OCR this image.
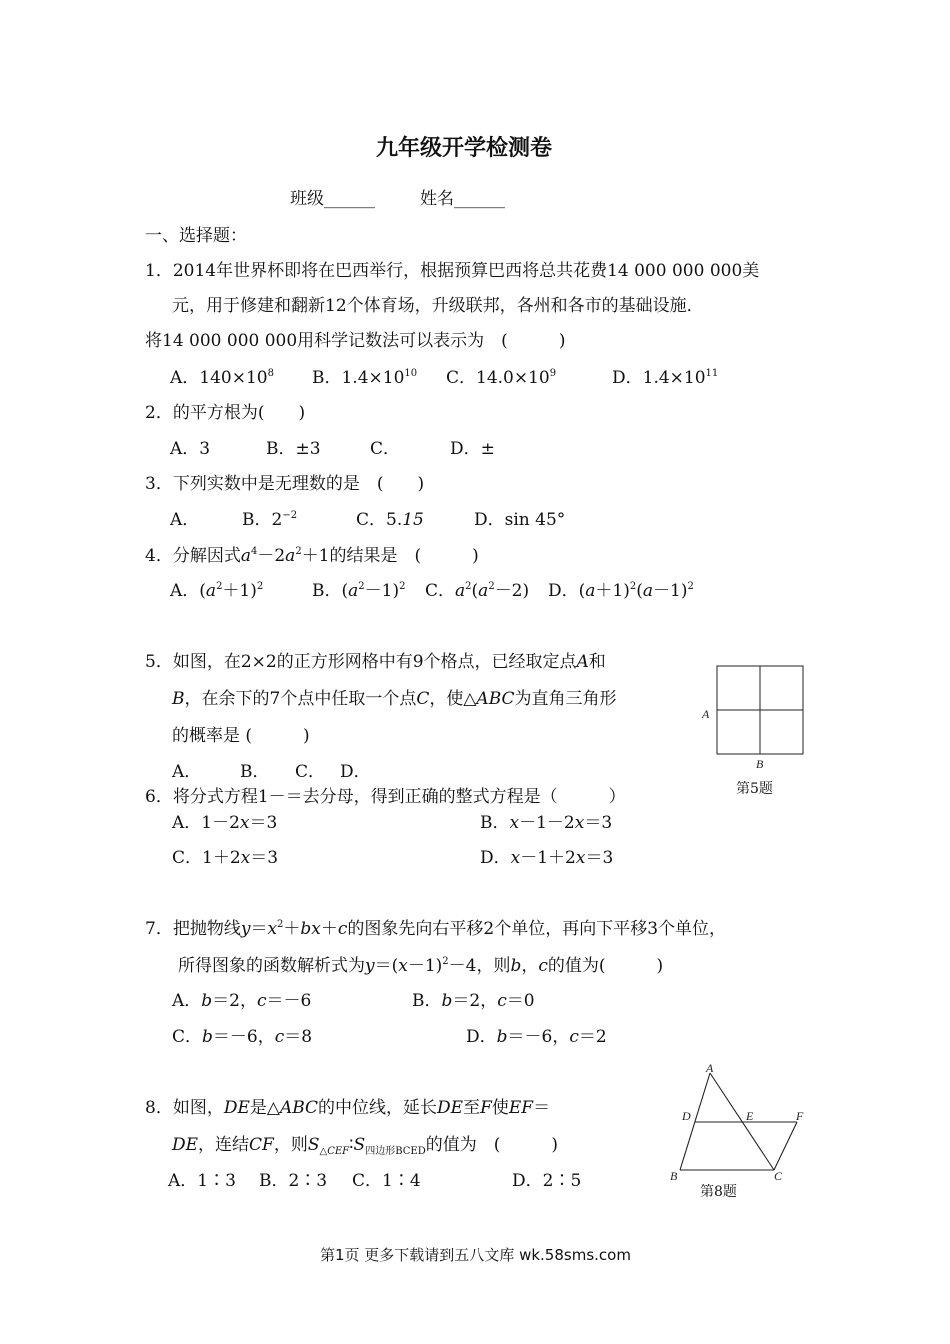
九年级开学检测卷
班级______	姓名______
一、选择题：
1．2014年世界杯即将在巴西举行，根据预算巴西将总共花费14 000 000 000美
元，用于修建和翻新12个体育场，升级联邦，各州和各市的基础设施．
将14 000 000 000用科学记数法可以表示为　(　　　)
A．$140\times 10^8$ B．$1.4\times 10^{10}$ C．$14.0\times 10^9$	D．$1.4\times 10^{11}$
2．的平方根为(　　)
A．3	B．±3	C．	D．±
3．下列实数中是无理数的是　(　　)
A．	B．$2^{-2}$	C．5.15	D．sin 45°
4．分解因式$a^4-2a^2+1$的结果是　(　　　)
A．$(a^2+1)^2$	B．$(a^2-1)^2$ C．$a^2(a^2-2)$ D．$(a+1)^2(a-1)^2$
5．如图，在2×2的正方形网格中有9个格点，已经取定点A和
B，在余下的7个点中任取一个点C，使△ABC为直角三角形
的概率是 (　　　)
A． B． C． D．
A
B
第5题
6．将分式方程1－＝去分母，得到正确的整式方程是（　　　）
A．1－2x＝3	B．x－1－2x＝3
C．1＋2x＝3	D．x－1＋2x＝3
7．把抛物线$y=x^2+bx+c$的图象先向右平移2个单位，再向下平移3个单位，
所得图象的函数解析式为$y=(x-1)^2-4$，则b，c的值为(　　　)
A．b＝2，c＝－6	B．b＝2，c＝0
C．b＝－6，c＝8	D．b＝－6，c＝2
8．如图，DE是△ABC的中位线，延长DE至F使EF＝
DE，连结CF，则$S_{\triangle CEF}∶S_{四边形BCED}$的值为　(　　　)
A．1∶3 B．2∶3 C．1∶4	D．2∶5
A
B	C
D	E	F
第8题
第1页 更多下载请到五八文库 wk.58sms.com
